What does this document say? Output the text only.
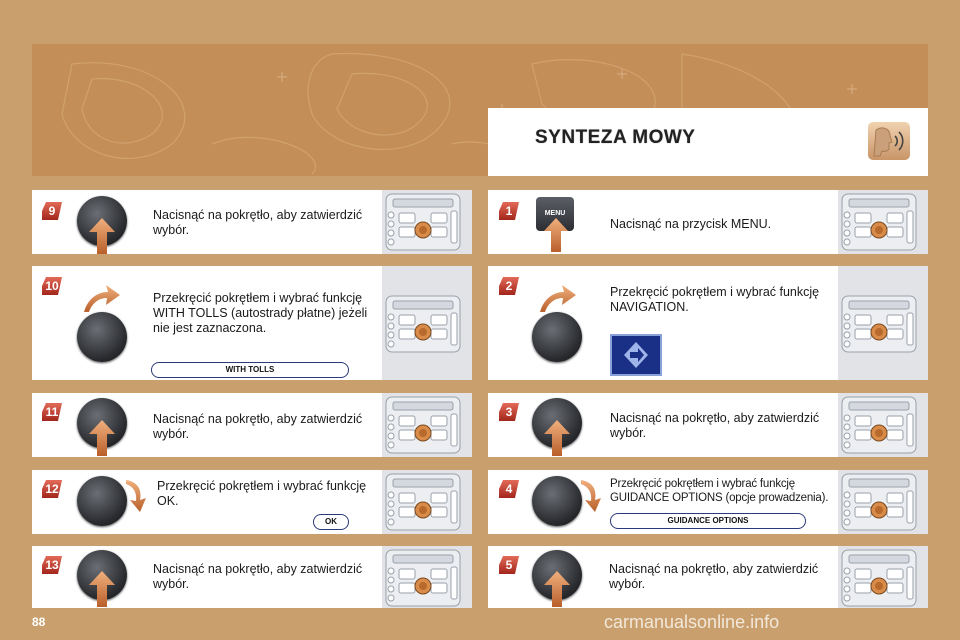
SYNTEZA MOWY
9
10
11
12
13
1
2
3
4
5
MENU
Nacisnąć na pokrętło, aby zatwierdzić wybór.
Przekręcić pokrętłem i wybrać funkcję WITH TOLLS (autostrady płatne) jeżeli nie jest zaznaczona.
Nacisnąć na pokrętło, aby zatwierdzić wybór.
Przekręcić pokrętłem i wybrać funkcję OK.
Nacisnąć na pokrętło, aby zatwierdzić wybór.
Nacisnąć na przycisk MENU.
Przekręcić pokrętłem i wybrać funkcję NAVIGATION.
Nacisnąć na pokrętło, aby zatwierdzić wybór.
Przekręcić pokrętłem i wybrać funkcję GUIDANCE OPTIONS (opcje prowadzenia).
Nacisnąć na pokrętło, aby zatwierdzić wybór.
WITH TOLLS
OK	GUIDANCE OPTIONS
88	carmanualsonline.info
